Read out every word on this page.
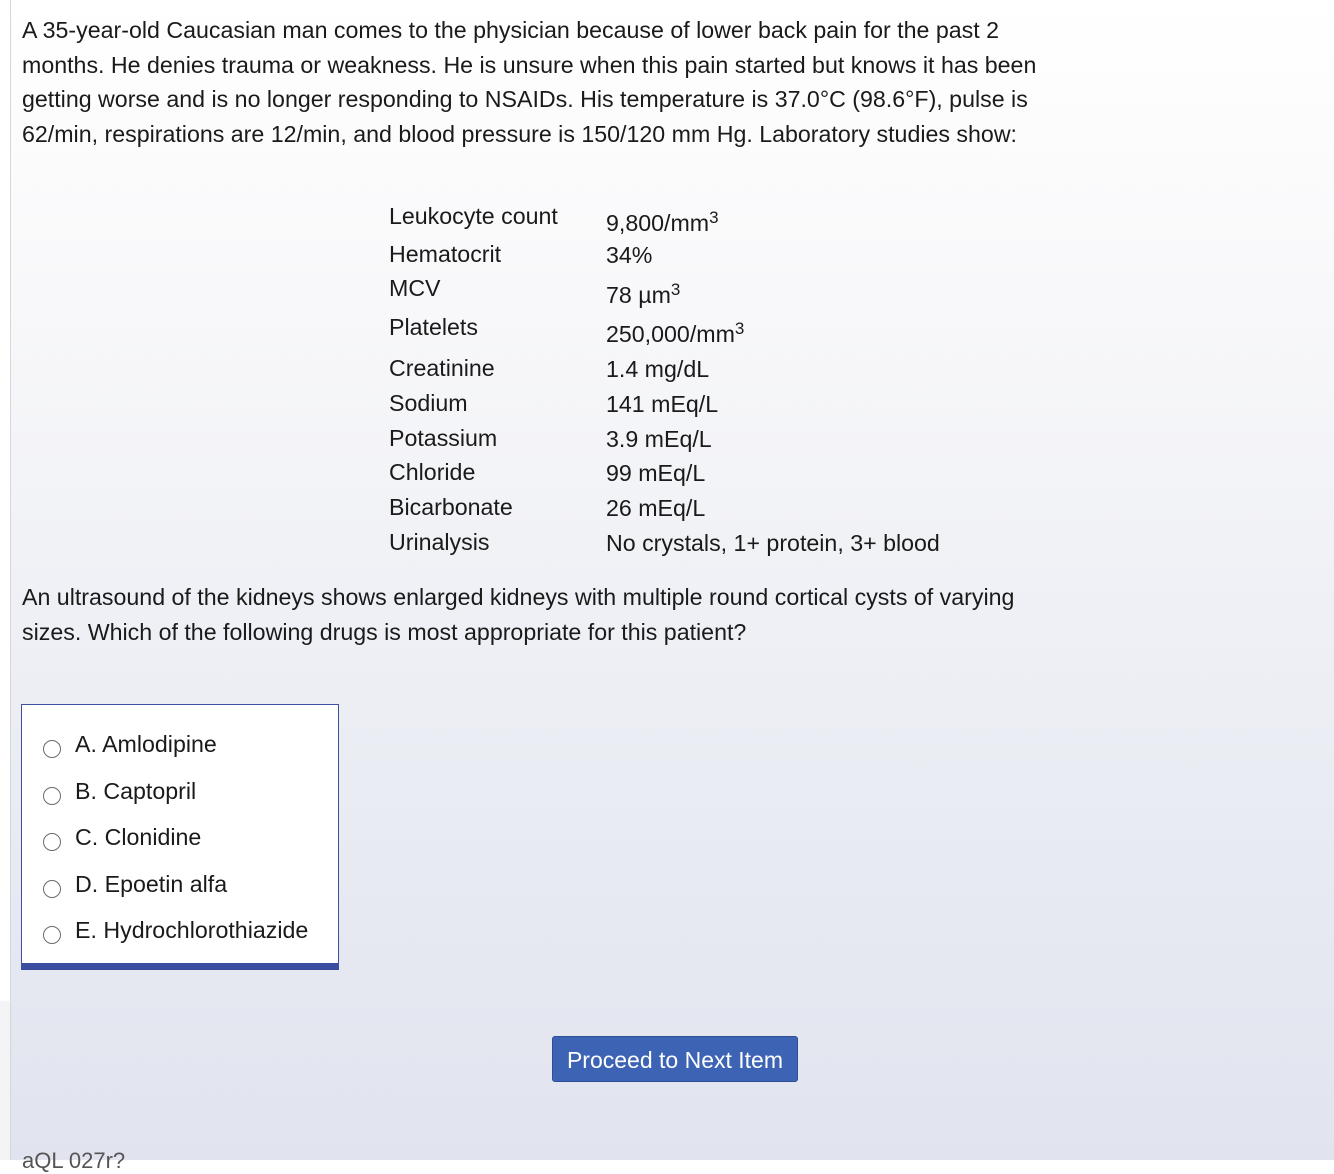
A 35-year-old Caucasian man comes to the physician because of lower back pain for the past 2 months. He denies trauma or weakness. He is unsure when this pain started but knows it has been getting worse and is no longer responding to NSAIDs. His temperature is 37.0°C (98.6°F), pulse is 62/min, respirations are 12/min, and blood pressure is 150/120 mm Hg. Laboratory studies show:
Leukocyte count $9,800/mm^3$
Hematocrit	34%
MCV	78 µm$^3$
Platelets	$250,000/mm^3$
Creatinine	1.4 mg/dL
Sodium	141 mEq/L
Potassium	3.9 mEq/L
Chloride	99 mEq/L
Bicarbonate	26 mEq/L
Urinalysis	No crystals, 1+ protein, 3+ blood
An ultrasound of the kidneys shows enlarged kidneys with multiple round cortical cysts of varying sizes. Which of the following drugs is most appropriate for this patient?
A. Amlodipine
B. Captopril
C. Clonidine
D. Epoetin alfa
E. Hydrochlorothiazide
Proceed to Next Item
aQL 027r?
